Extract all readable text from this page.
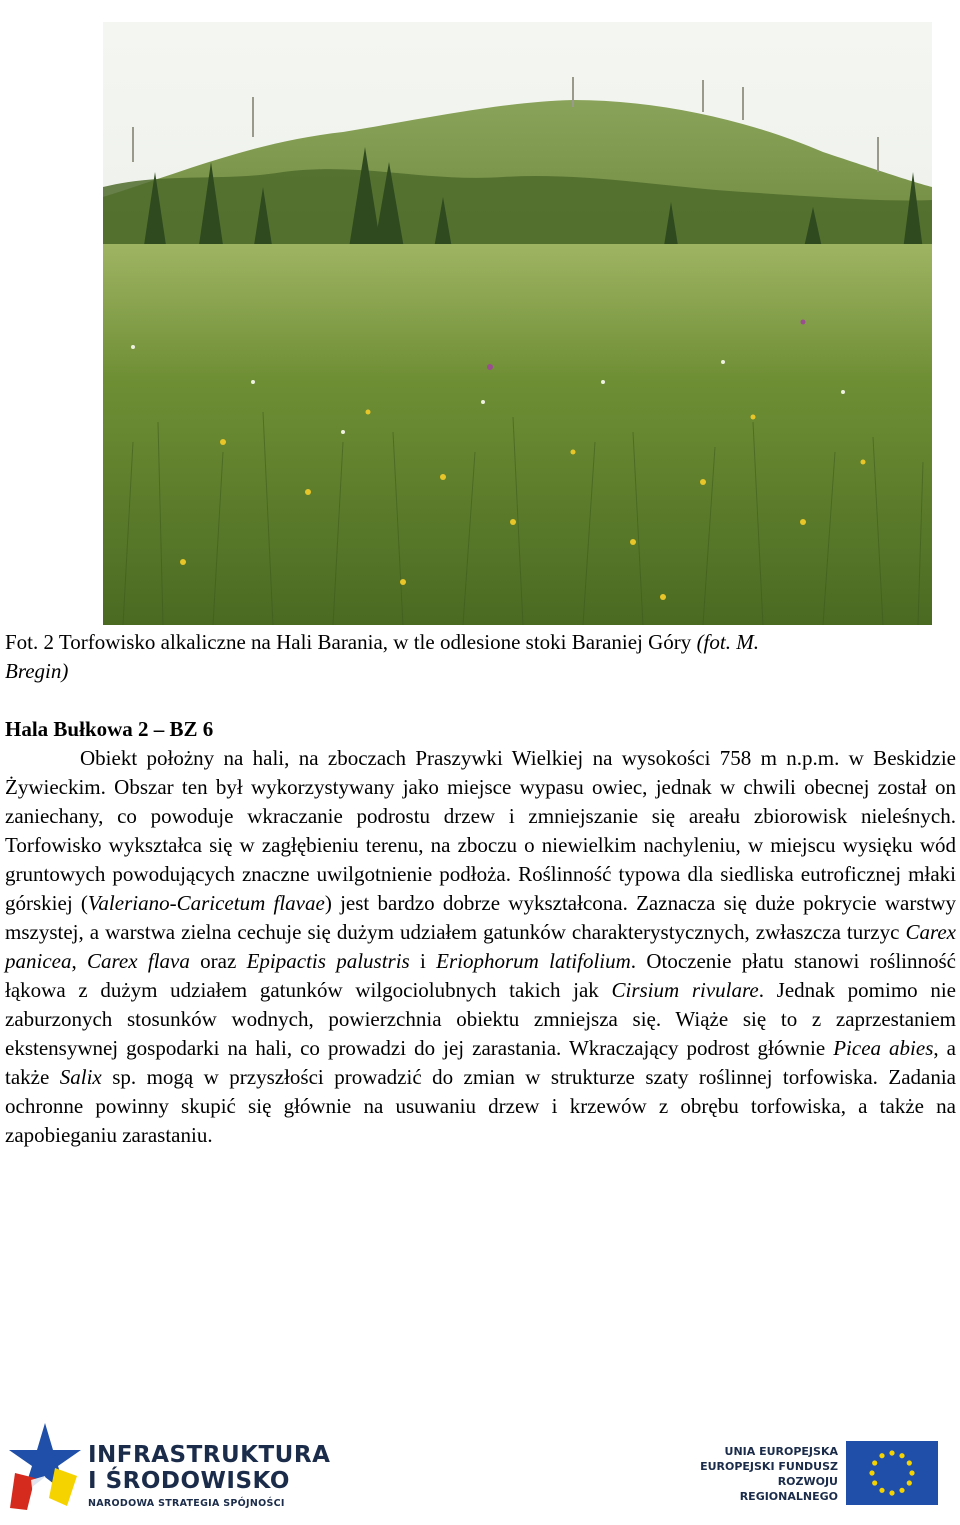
Fot. 2 Torfowisko alkaliczne na Hali Barania, w tle odlesione stoki Baraniej Góry (fot. M.
Bregin)
Hala Bułkowa 2 – BZ 6
Obiekt położny na hali, na zboczach Praszywki Wielkiej na wysokości 758 m n.p.m. w Beskidzie Żywieckim. Obszar ten był wykorzystywany jako miejsce wypasu owiec, jednak w chwili obecnej został on zaniechany, co powoduje wkraczanie podrostu drzew i zmniejszanie się areału zbiorowisk nieleśnych. Torfowisko wykształca się w zagłębieniu terenu, na zboczu o niewielkim nachyleniu, w miejscu wysięku wód gruntowych powodujących znaczne uwilgotnienie podłoża. Roślinność typowa dla siedliska eutroficznej młaki górskiej (Valeriano-Caricetum flavae) jest bardzo dobrze wykształcona. Zaznacza się duże pokrycie warstwy mszystej, a warstwa zielna cechuje się dużym udziałem gatunków charakterystycznych, zwłaszcza turzyc Carex panicea, Carex flava oraz Epipactis palustris i Eriophorum latifolium. Otoczenie płatu stanowi roślinność łąkowa z dużym udziałem gatunków wilgociolubnych takich jak Cirsium rivulare. Jednak pomimo nie zaburzonych stosunków wodnych, powierzchnia obiektu zmniejsza się. Wiąże się to z zaprzestaniem ekstensywnej gospodarki na hali, co prowadzi do jej zarastania. Wkraczający podrost głównie Picea abies, a także Salix sp. mogą w przyszłości prowadzić do zmian w strukturze szaty roślinnej torfowiska. Zadania ochronne powinny skupić się głównie na usuwaniu drzew i krzewów z obrębu torfowiska, a także na zapobieganiu zarastaniu.
INFRASTRUKTURA
I ŚRODOWISKO
NARODOWA STRATEGIA SPÓJNOŚCI
UNIA EUROPEJSKA
EUROPEJSKI FUNDUSZ
ROZWOJU REGIONALNEGO
